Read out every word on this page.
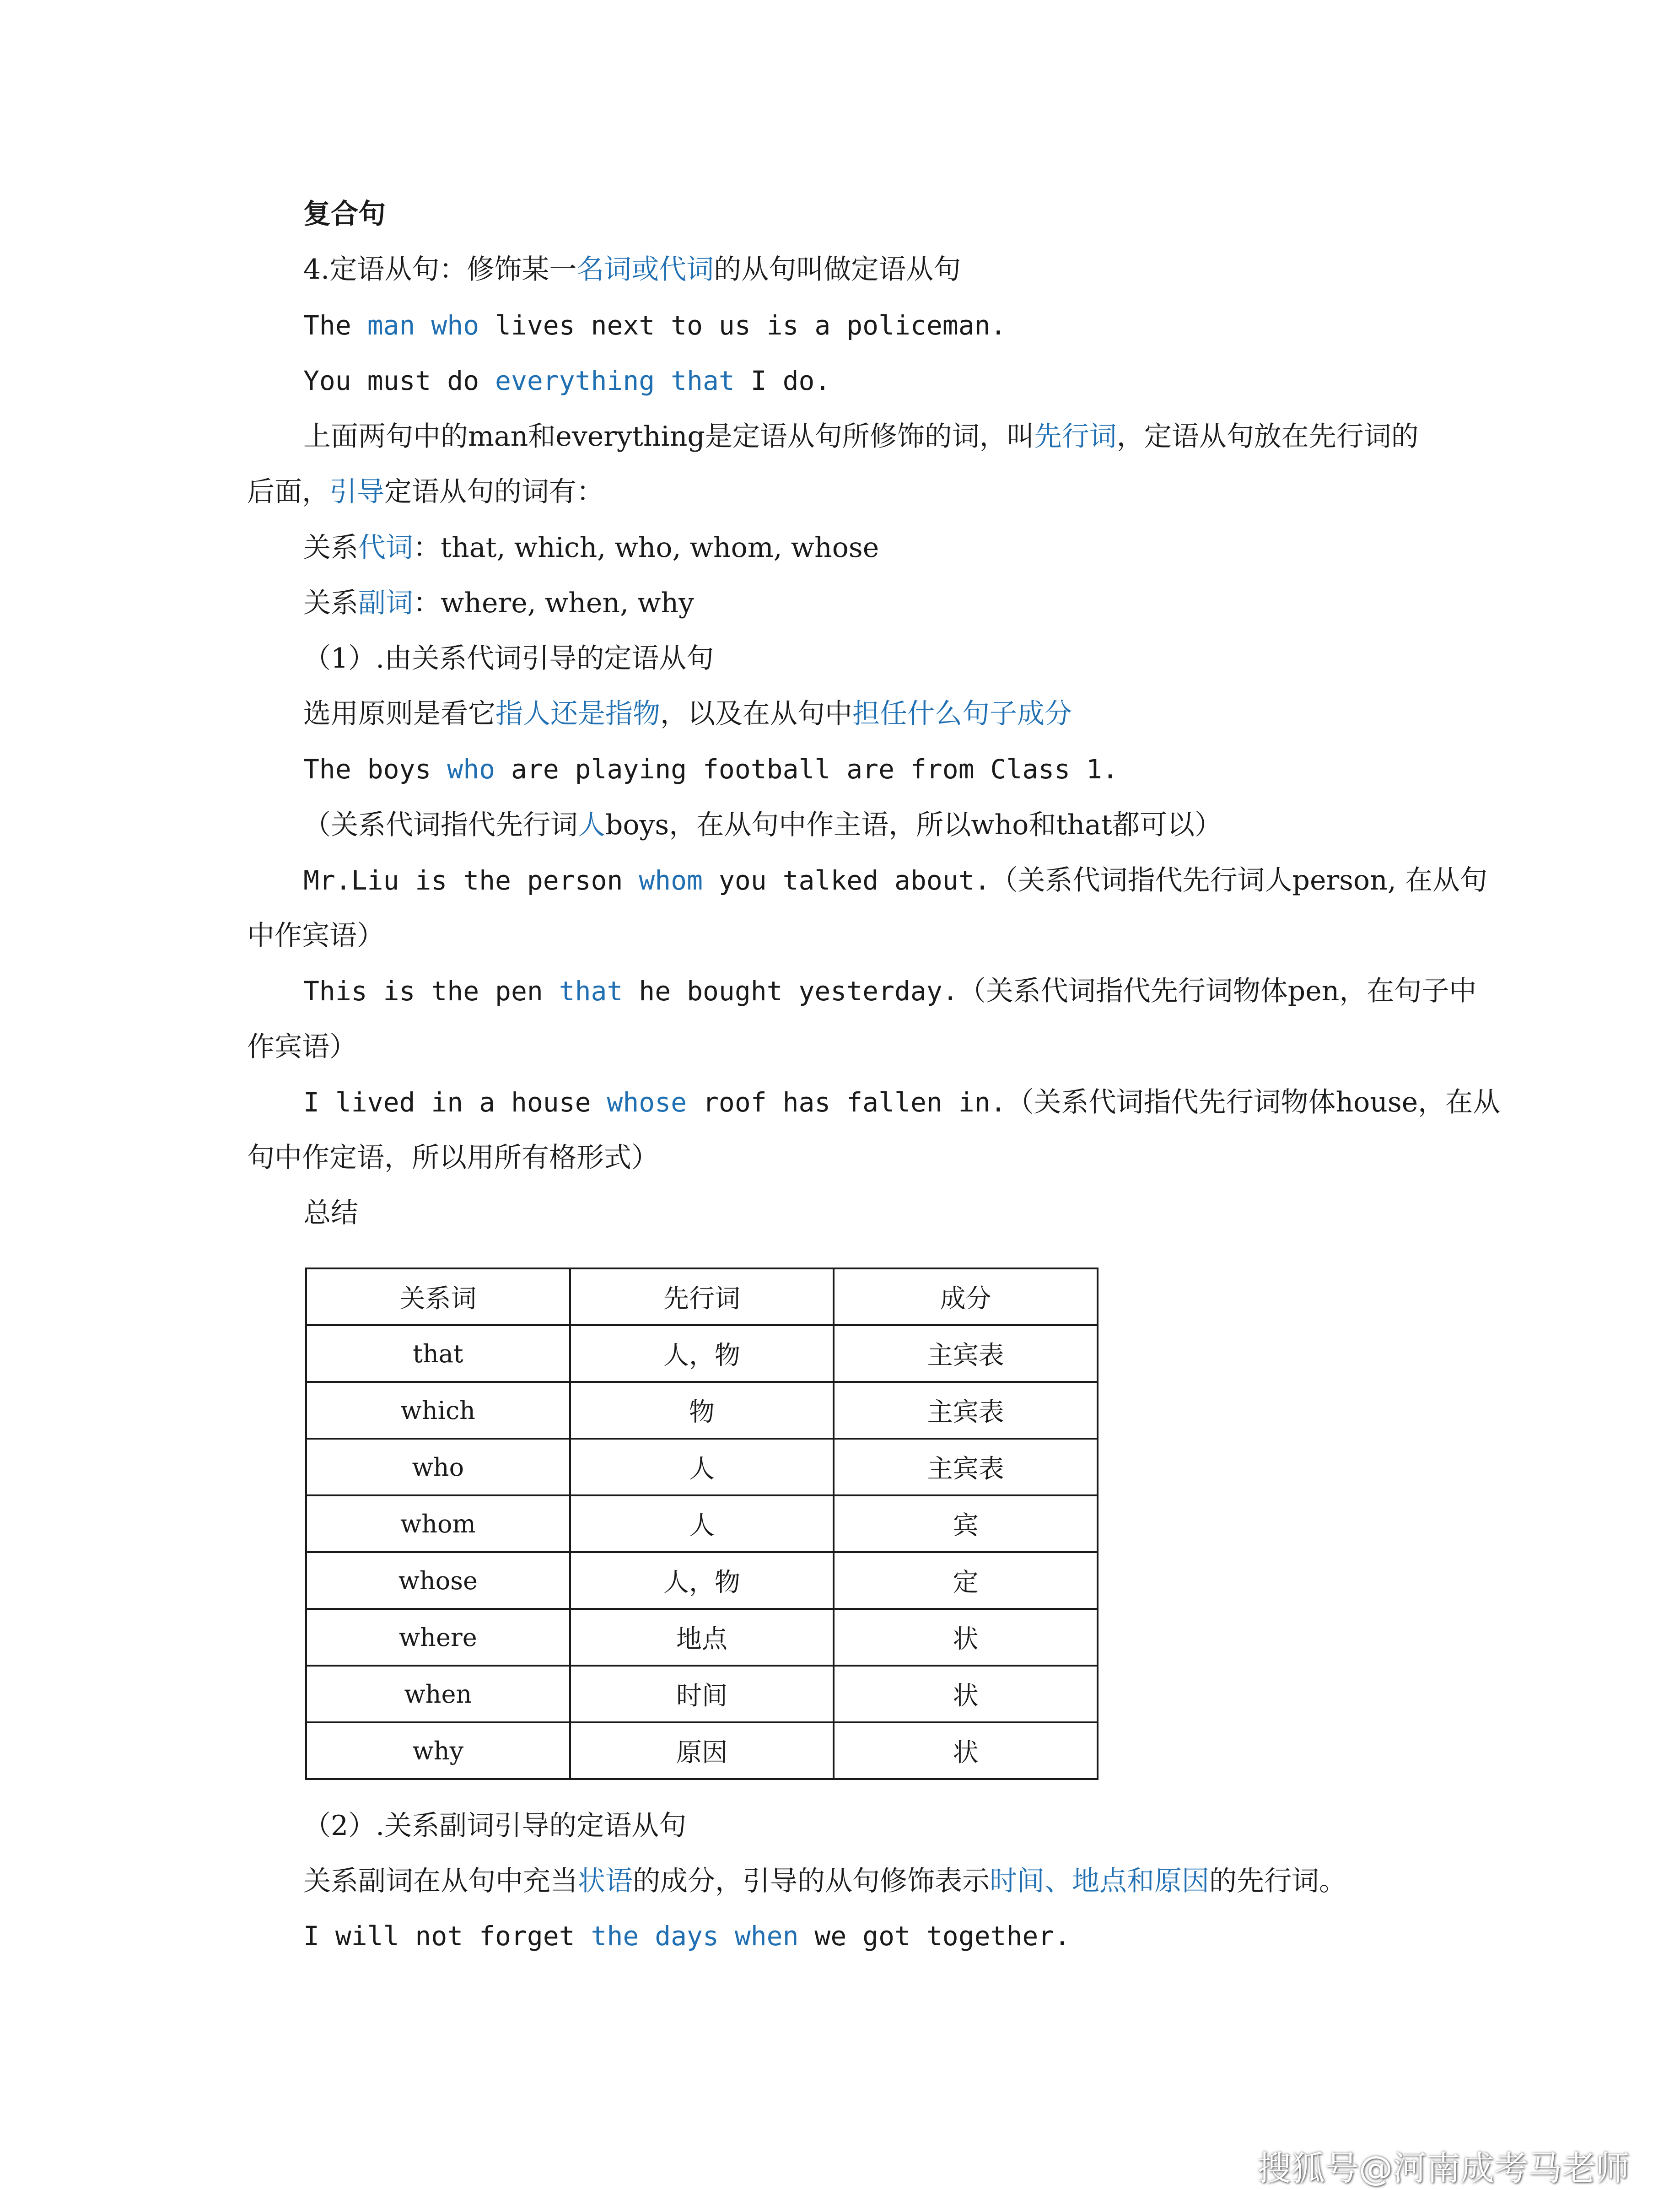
复合句

4.定语从句：修饰某一名词或代词的从句叫做定语从句

The man who lives next to us is a policeman.

You must do everything that I do.

上面两句中的man和everything是定语从句所修饰的词，叫先行词，定语从句放在先行词的

后面，引导定语从句的词有：

关系代词：that, which, who, whom, whose

关系副词：where, when, why

（1）.由关系代词引导的定语从句

选用原则是看它指人还是指物，以及在从句中担任什么句子成分

The boys who are playing football are from Class 1.

（关系代词指代先行词人boys，在从句中作主语，所以who和that都可以）

Mr.Liu is the person whom you talked about.（关系代词指代先行词人person, 在从句

中作宾语）

This is the pen that he bought yesterday.（关系代词指代先行词物体pen，在句子中

作宾语）

I lived in a house whose roof has fallen in.（关系代词指代先行词物体house，在从

句中作定语，所以用所有格形式）

总结

关系词	先行词	成分
that	人，物	主宾表
which	物	主宾表
who	人	主宾表
whom	人	宾
whose	人，物	定
where	地点	状
when	时间	状
why	原因	状

（2）.关系副词引导的定语从句

关系副词在从句中充当状语的成分，引导的从句修饰表示时间、地点和原因的先行词。

I will not forget the days when we got together.

搜狐号@河南成考马老师
